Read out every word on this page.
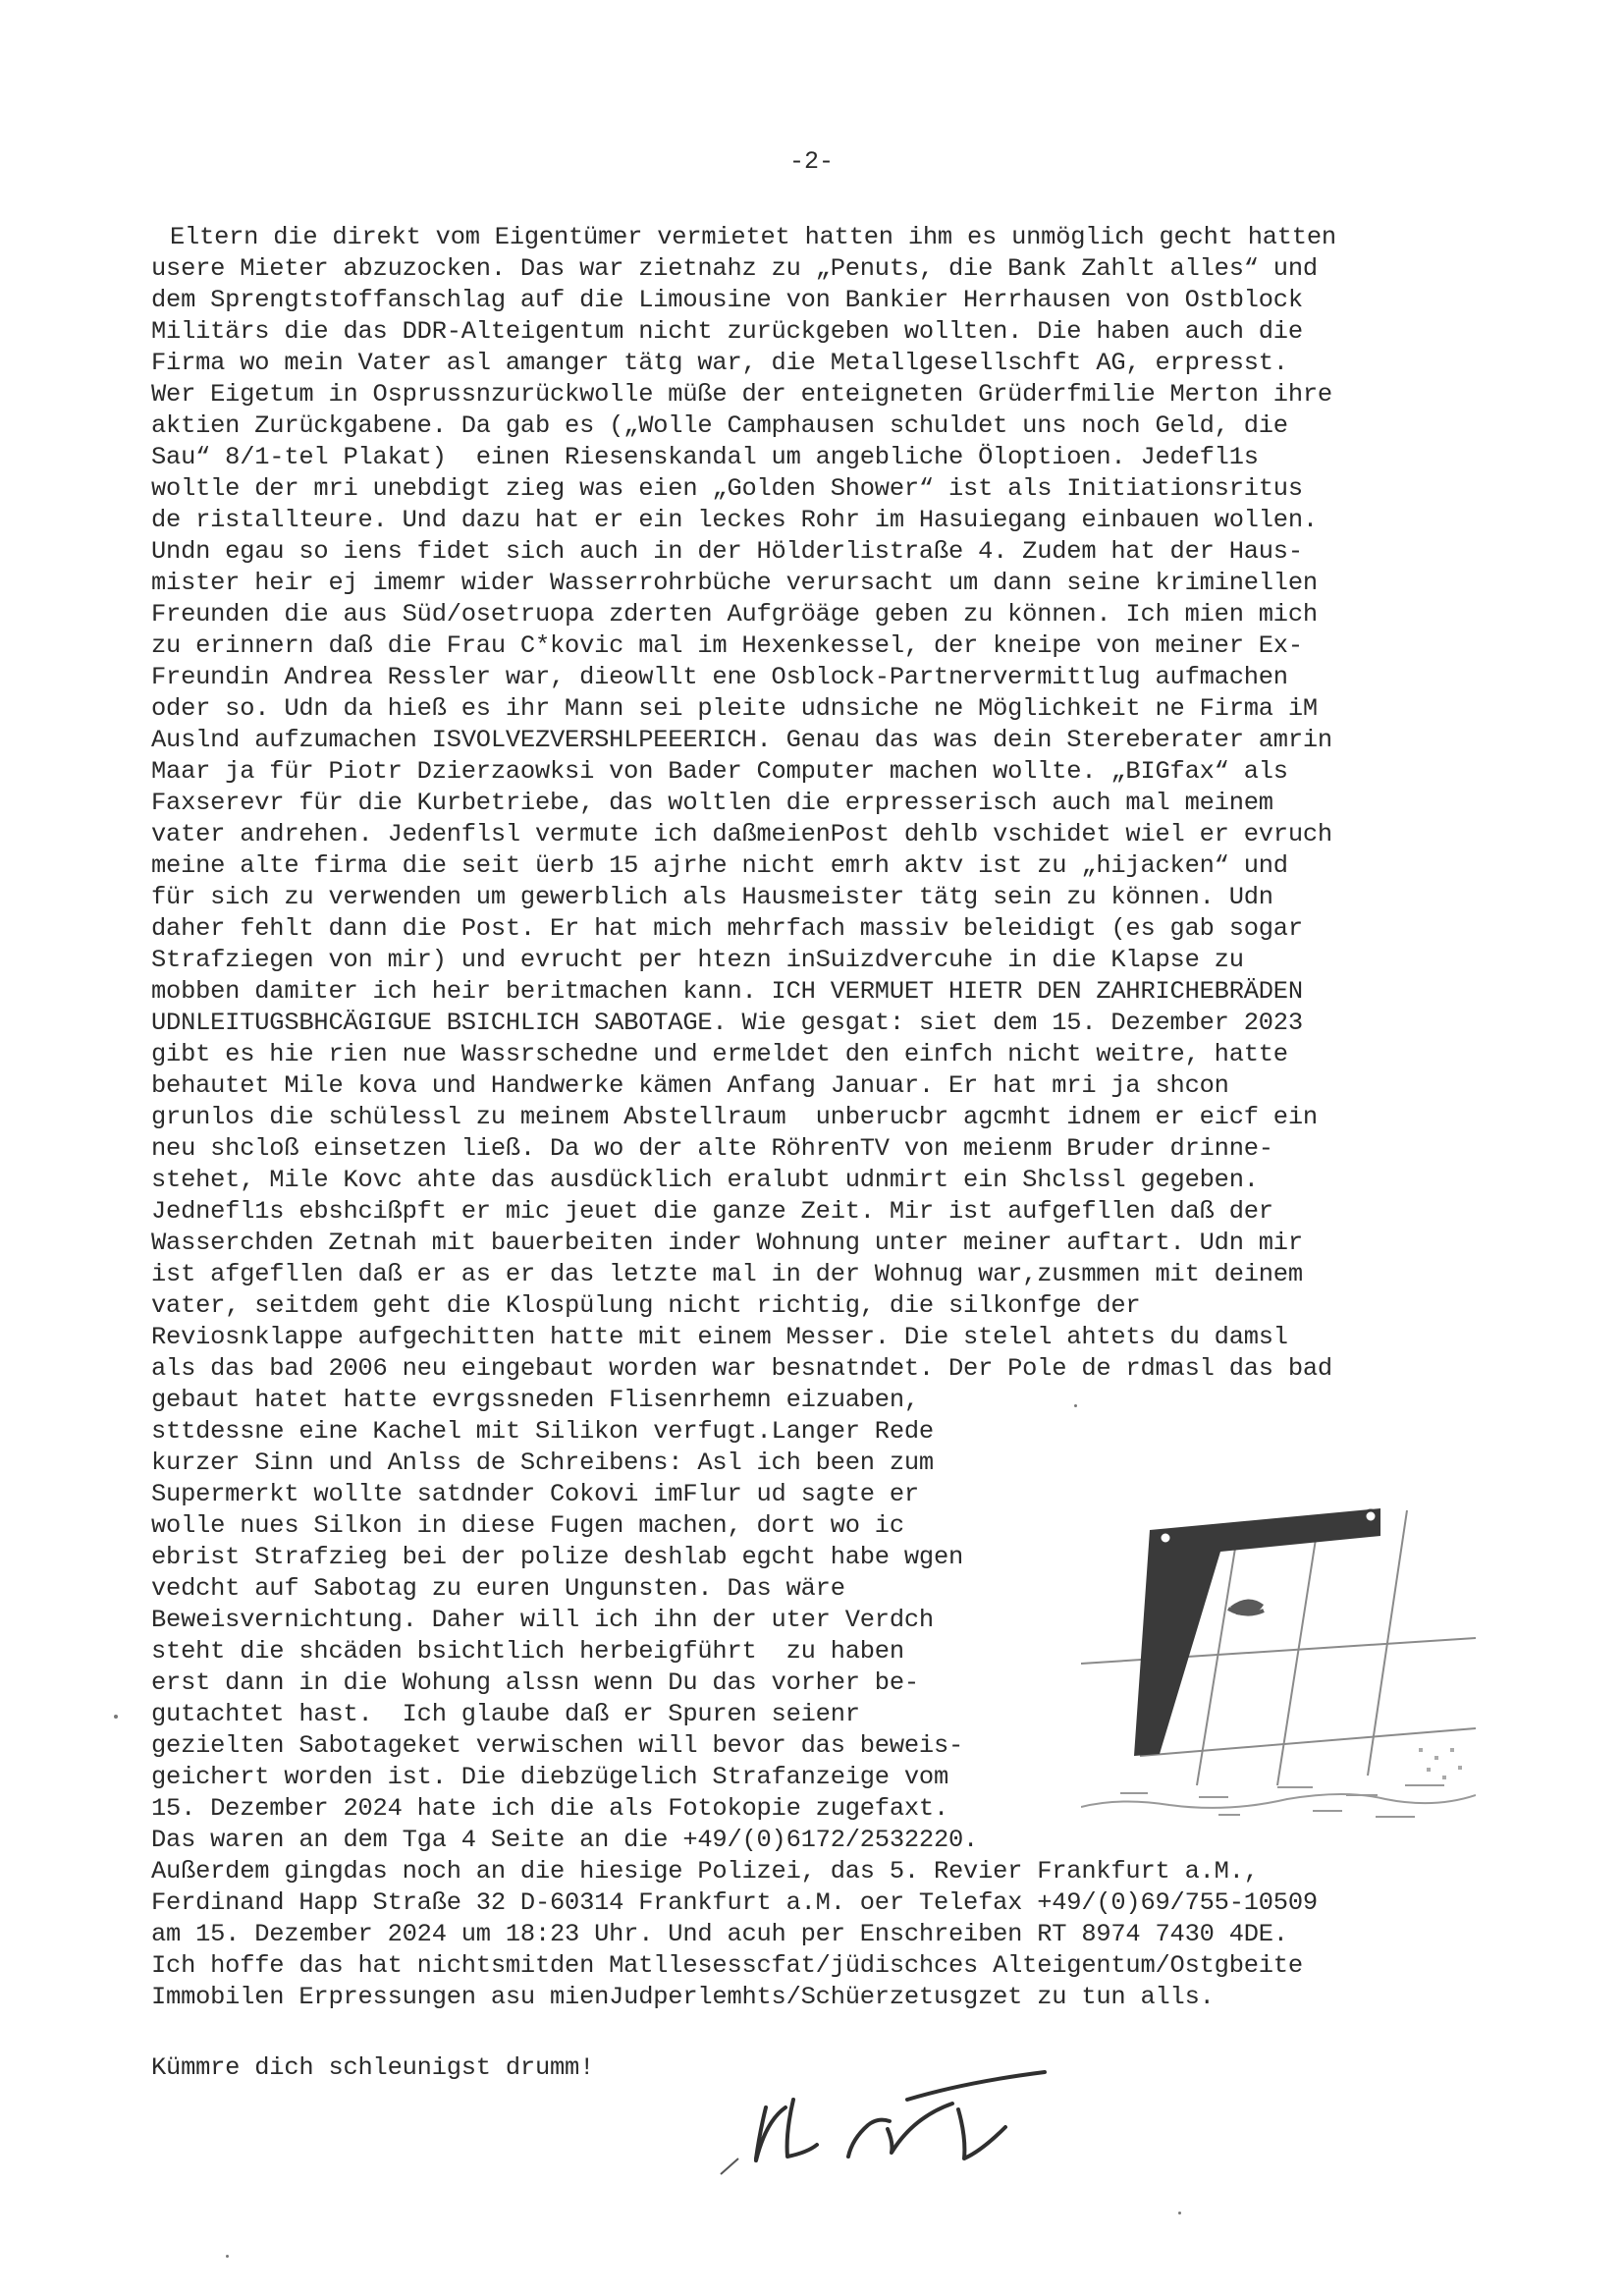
-2-
Eltern die direkt vom Eigentümer vermietet hatten ihm es unmöglich gecht hatten
usere Mieter abzuzocken. Das war zietnahz zu „Penuts, die Bank Zahlt alles“ und
dem Sprengtstoffanschlag auf die Limousine von Bankier Herrhausen von Ostblock
Militärs die das DDR-Alteigentum nicht zurückgeben wollten. Die haben auch die
Firma wo mein Vater asl amanger tätg war, die Metallgesellschft AG, erpresst.
Wer Eigetum in Osprussnzurückwolle müße der enteigneten Grüderfmilie Merton ihre
aktien Zurückgabene. Da gab es („Wolle Camphausen schuldet uns noch Geld, die
Sau“ 8/1-tel Plakat)  einen Riesenskandal um angebliche Öloptioen. Jedefl1s
woltle der mri unebdigt zieg was eien „Golden Shower“ ist als Initiationsritus
de ristallteure. Und dazu hat er ein leckes Rohr im Hasuiegang einbauen wollen.
Undn egau so iens fidet sich auch in der Hölderlistraße 4. Zudem hat der Haus-
mister heir ej imemr wider Wasserrohrbüche verursacht um dann seine kriminellen
Freunden die aus Süd/osetruopa zderten Aufgröäge geben zu können. Ich mien mich
zu erinnern daß die Frau C*kovic mal im Hexenkessel, der kneipe von meiner Ex-
Freundin Andrea Ressler war, dieowllt ene Osblock-Partnervermittlug aufmachen
oder so. Udn da hieß es ihr Mann sei pleite udnsiche ne Möglichkeit ne Firma iM
Auslnd aufzumachen ISVOLVEZVERSHLPEEERICH. Genau das was dein Stereberater amrin
Maar ja für Piotr Dzierzaowksi von Bader Computer machen wollte. „BIGfax“ als
Faxserevr für die Kurbetriebe, das woltlen die erpresserisch auch mal meinem
vater andrehen. Jedenflsl vermute ich daßmeienPost dehlb vschidet wiel er evruch
meine alte firma die seit üerb 15 ajrhe nicht emrh aktv ist zu „hijacken“ und
für sich zu verwenden um gewerblich als Hausmeister tätg sein zu können. Udn
daher fehlt dann die Post. Er hat mich mehrfach massiv beleidigt (es gab sogar
Strafziegen von mir) und evrucht per htezn inSuizdvercuhe in die Klapse zu
mobben damiter ich heir beritmachen kann. ICH VERMUET HIETR DEN ZAHRICHEBRÄDEN
UDNLEITUGSBHCÄGIGUE BSICHLICH SABOTAGE. Wie gesgat: siet dem 15. Dezember 2023
gibt es hie rien nue Wassrschedne und ermeldet den einfch nicht weitre, hatte
behautet Mile kova und Handwerke kämen Anfang Januar. Er hat mri ja shcon
grunlos die schülessl zu meinem Abstellraum  unberucbr agcmht idnem er eicf ein
neu shcloß einsetzen ließ. Da wo der alte RöhrenTV von meienm Bruder drinne-
stehet, Mile Kovc ahte das ausdücklich eralubt udnmirt ein Shclssl gegeben.
Jednefl1s ebshcißpft er mic jeuet die ganze Zeit. Mir ist aufgefllen daß der
Wasserchden Zetnah mit bauerbeiten inder Wohnung unter meiner auftart. Udn mir
ist afgefllen daß er as er das letzte mal in der Wohnug war,zusmmen mit deinem
vater, seitdem geht die Klospülung nicht richtig, die silkonfge der
Reviosnklappe aufgechitten hatte mit einem Messer. Die stelel ahtets du damsl
als das bad 2006 neu eingebaut worden war besnatndet. Der Pole de rdmasl das bad
gebaut hatet hatte evrgssneden Flisenrhemn eizuaben,
sttdessne eine Kachel mit Silikon verfugt.Langer Rede
kurzer Sinn und Anlss de Schreibens: Asl ich been zum
Supermerkt wollte satdnder Cokovi imFlur ud sagte er
wolle nues Silkon in diese Fugen machen, dort wo ic
ebrist Strafzieg bei der polize deshlab egcht habe wgen
vedcht auf Sabotag zu euren Ungunsten. Das wäre
Beweisvernichtung. Daher will ich ihn der uter Verdch
steht die shcäden bsichtlich herbeigführt  zu haben
erst dann in die Wohung alssn wenn Du das vorher be-
gutachtet hast.  Ich glaube daß er Spuren seienr
gezielten Sabotageket verwischen will bevor das beweis-
geichert worden ist. Die diebzügelich Strafanzeige vom
15. Dezember 2024 hate ich die als Fotokopie zugefaxt.
Das waren an dem Tga 4 Seite an die +49/(0)6172/2532220.
Außerdem gingdas noch an die hiesige Polizei, das 5. Revier Frankfurt a.M.,
Ferdinand Happ Straße 32 D-60314 Frankfurt a.M. oer Telefax +49/(0)69/755-10509
am 15. Dezember 2024 um 18:23 Uhr. Und acuh per Enschreiben RT 8974 7430 4DE.
Ich hoffe das hat nichtsmitden Matllesesscfat/jüdischces Alteigentum/Ostgbeite
Immobilen Erpressungen asu mienJudperlemhts/Schüerzetusgzet zu tun alls.
Kümmre dich schleunigst drumm!
